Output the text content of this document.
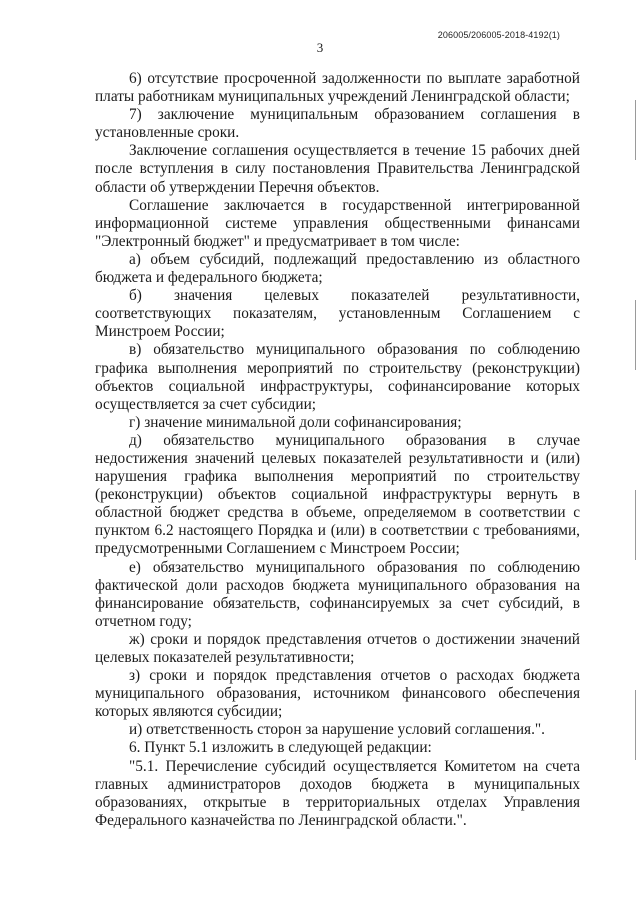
206005/206005-2018-4192(1)
3

6) отсутствие просроченной задолженности по выплате заработной платы работникам муниципальных учреждений Ленинградской области;

7) заключение муниципальным образованием соглашения в установленные сроки.

Заключение соглашения осуществляется в течение 15 рабочих дней после вступления в силу постановления Правительства Ленинградской области об утверждении Перечня объектов.

Соглашение заключается в государственной интегрированной информационной системе управления общественными финансами "Электронный бюджет" и предусматривает в том числе:

а) объем субсидий, подлежащий предоставлению из областного бюджета и федерального бюджета;

б) значения целевых показателей результативности, соответствующих показателям, установленным Соглашением с Минстроем России;

в) обязательство муниципального образования по соблюдению графика выполнения мероприятий по строительству (реконструкции) объектов социальной инфраструктуры, софинансирование которых осуществляется за счет субсидии;

г) значение минимальной доли софинансирования;

д) обязательство муниципального образования в случае недостижения значений целевых показателей результативности и (или) нарушения графика выполнения мероприятий по строительству (реконструкции) объектов социальной инфраструктуры вернуть в областной бюджет средства в объеме, определяемом в соответствии с пунктом 6.2 настоящего Порядка и (или) в соответствии с требованиями, предусмотренными Соглашением с Минстроем России;

е) обязательство муниципального образования по соблюдению фактической доли расходов бюджета муниципального образования на финансирование обязательств, софинансируемых за счет субсидий, в отчетном году;

ж) сроки и порядок представления отчетов о достижении значений целевых показателей результативности;

з) сроки и порядок представления отчетов о расходах бюджета муниципального образования, источником финансового обеспечения которых являются субсидии;

и) ответственность сторон за нарушение условий соглашения.".

6. Пункт 5.1 изложить в следующей редакции:

"5.1. Перечисление субсидий осуществляется Комитетом на счета главных администраторов доходов бюджета в муниципальных образованиях, открытые в территориальных отделах Управления Федерального казначейства по Ленинградской области.".
